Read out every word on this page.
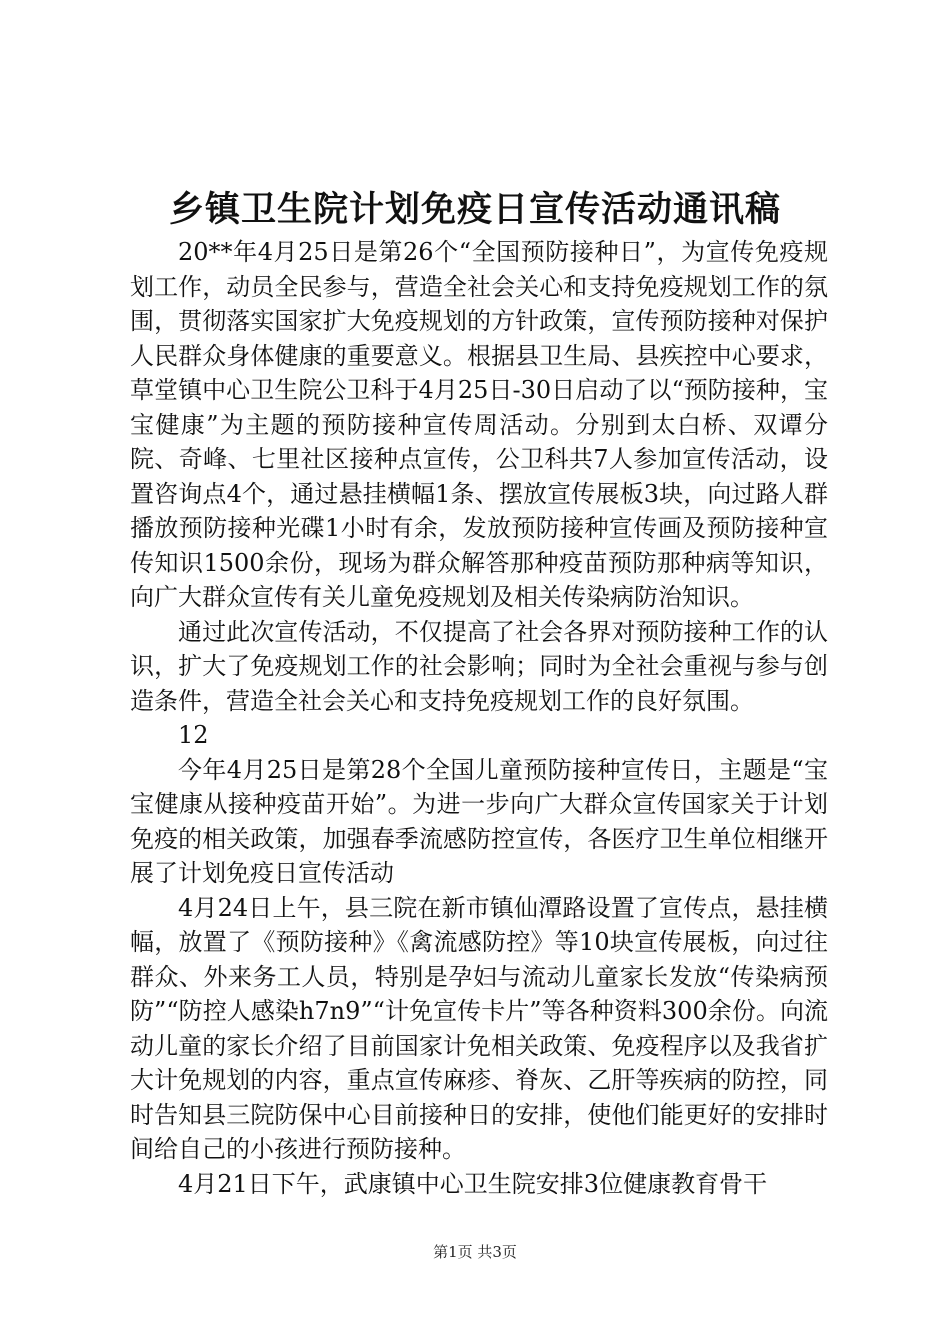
乡镇卫生院计划免疫日宣传活动通讯稿

20**年4月25日是第26个“全国预防接种日”，为宣传免疫规划工作，动员全民参与，营造全社会关心和支持免疫规划工作的氛围，贯彻落实国家扩大免疫规划的方针政策，宣传预防接种对保护人民群众身体健康的重要意义。根据县卫生局、县疾控中心要求，草堂镇中心卫生院公卫科于4月25日-30日启动了以“预防接种，宝宝健康”为主题的预防接种宣传周活动。分别到太白桥、双谭分院、奇峰、七里社区接种点宣传，公卫科共7人参加宣传活动，设置咨询点4个，通过悬挂横幅1条、摆放宣传展板3块，向过路人群播放预防接种光碟1小时有余，发放预防接种宣传画及预防接种宣传知识1500余份，现场为群众解答那种疫苗预防那种病等知识，向广大群众宣传有关儿童免疫规划及相关传染病防治知识。

通过此次宣传活动，不仅提高了社会各界对预防接种工作的认识，扩大了免疫规划工作的社会影响；同时为全社会重视与参与创造条件，营造全社会关心和支持免疫规划工作的良好氛围。

12

今年4月25日是第28个全国儿童预防接种宣传日，主题是“宝宝健康从接种疫苗开始”。为进一步向广大群众宣传国家关于计划免疫的相关政策，加强春季流感防控宣传，各医疗卫生单位相继开展了计划免疫日宣传活动

4月24日上午，县三院在新市镇仙潭路设置了宣传点，悬挂横幅，放置了《预防接种》《禽流感防控》等10块宣传展板，向过往群众、外来务工人员，特别是孕妇与流动儿童家长发放“传染病预防”“防控人感染h7n9”“计免宣传卡片”等各种资料300余份。向流动儿童的家长介绍了目前国家计免相关政策、免疫程序以及我省扩大计免规划的内容，重点宣传麻疹、脊灰、乙肝等疾病的防控，同时告知县三院防保中心目前接种日的安排，使他们能更好的安排时间给自己的小孩进行预防接种。

4月21日下午，武康镇中心卫生院安排3位健康教育骨干

第1页 共3页
